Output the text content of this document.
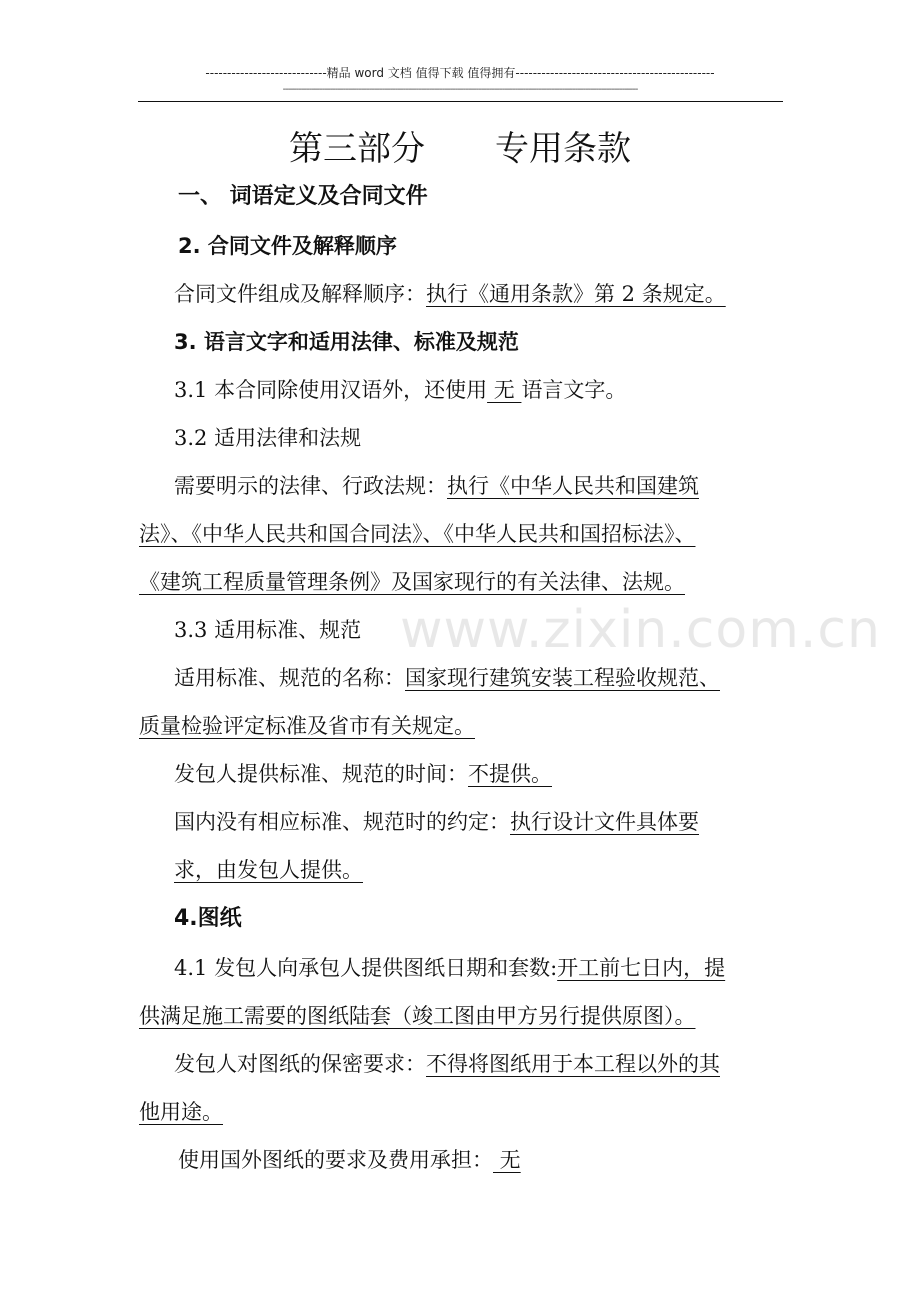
----------------------------精品 word 文档 值得下载 值得拥有----------------------------------------------
----------------------------------------------------------------------------------------------------------------------------------------
第三部分 专用条款
一、 词语定义及合同文件
2. 合同文件及解释顺序
合同文件组成及解释顺序：执行《通用条款》第 2 条规定。
3. 语言文字和适用法律、标准及规范
3.1 本合同除使用汉语外，还使用 无 语言文字。
3.2 适用法律和法规
需要明示的法律、行政法规：执行《中华人民共和国建筑
法》、《中华人民共和国合同法》、《中华人民共和国招标法》、
《建筑工程质量管理条例》及国家现行的有关法律、法规。
www.zixin.com.cn
3.3 适用标准、规范
适用标准、规范的名称：国家现行建筑安装工程验收规范、
质量检验评定标准及省市有关规定。
发包人提供标准、规范的时间：不提供。
国内没有相应标准、规范时的约定：执行设计文件具体要
求，由发包人提供。
4.图纸
4.1 发包人向承包人提供图纸日期和套数:开工前七日内，提
供满足施工需要的图纸陆套（竣工图由甲方另行提供原图）。
发包人对图纸的保密要求：不得将图纸用于本工程以外的其
他用途。
使用国外图纸的要求及费用承担： 无
